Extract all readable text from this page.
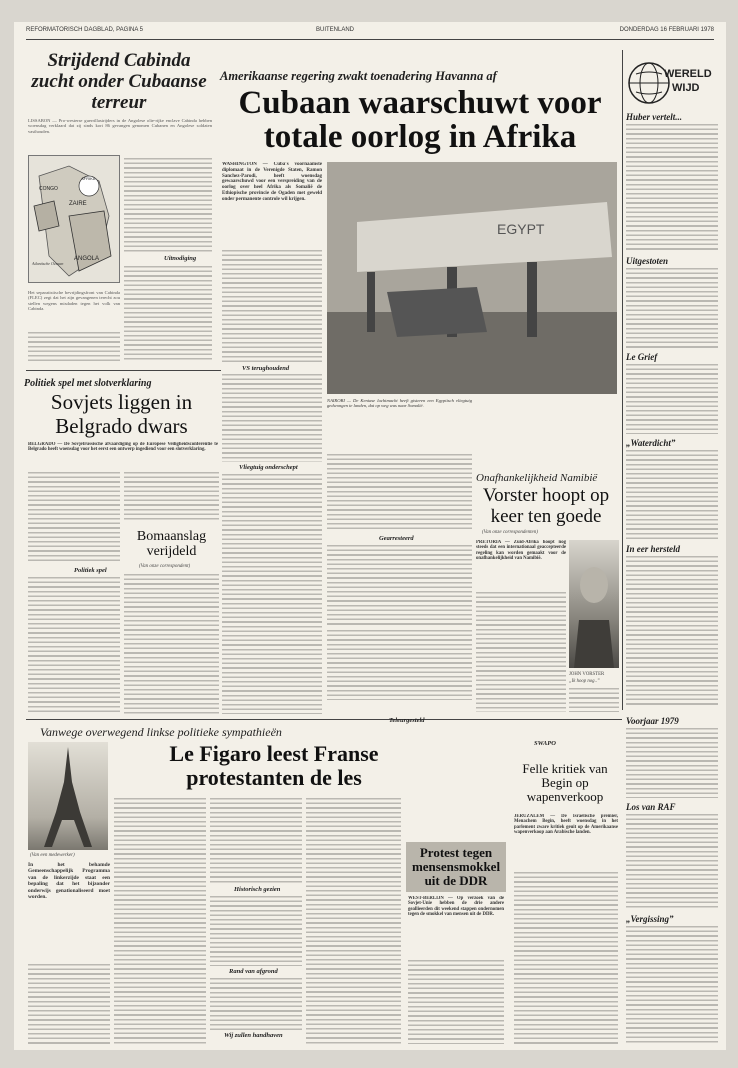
REFORMATORISCH DAGBLAD, PAGINA 5	BUITENLAND	DONDERDAG 16 FEBRUARI 1978
Strijdend Cabinda zucht onder Cubaanse terreur
LISSABON — Pro-westerse guerrillastrijders in de Angolese olie-rijke enclave Cabinda hebben woensdag verklaard dat zij sinds kort 86 gevangen genomen Cubanen en Angolese soldaten vasthouden.
ZAIRE
CONGO
ANGOLA
Atlantische Oceaan
AFRIKA
Uitnodiging
Het separatistische bevrijdingsfront van Cabinda (FLEC) zegt dat het zijn gevangenen terecht zou stellen wegens misdaden tegen het volk van Cabinda.
Amerikaanse regering zwakt toenadering Havanna af
Cubaan waarschuwt voor totale oorlog in Afrika
WASHINGTON — Cuba's voornaamste diplomaat in de Verenigde Staten, Ramon Sanchez-Parodi, heeft woensdag gewaarschuwd voor een verspreiding van de oorlog over heel Afrika als Somalië de Ethiopische provincie de Ogaden met geweld onder permanente controle wil krijgen.
VS terughoudend
Vliegtuig onderschept
EGYPT
NAIROBI — De Keniase luchtmacht heeft gisteren een Egyptisch vliegtuig gedwongen te landen, dat op weg was naar Somalië.
Gearresteerd
Politiek spel met slotverklaring
Sovjets liggen in Belgrado dwars
BELGRADO — De Sovjetrussische afvaardiging op de Europese Veiligheidsconferentie te Belgrado heeft woensdag voor het eerst een ontwerp ingediend voor een slotverklaring.
Politiek spel
Bomaanslag verijdeld
(Van onze correspondent)
Onafhankelijkheid Namibië
Vorster hoopt op keer ten goede
(Van onze correspondenten)
PRETORIA — Zuid-Afrika hoopt nog steeds dat een internationaal geaccepteerde regeling kan worden gemaakt voor de onafhankelijkheid van Namibië.
JOHN VORSTER
„Ik hoop nog..”
WERELD
WIJD
Huber vertelt...
Uitgestoten
Le Grief
„Waterdicht”
In eer hersteld
Vanwege overwegend linkse politieke sympathieën
Le Figaro leest Franse protestanten de les
(Van een medewerker)
In het behamde Gemeenschappelijk Programma van de linkerzijde staat een bepaling dat het bijzonder onderwijs genationaliseerd moet worden.
Historisch gezien
Rand van afgrond
Wij zullen handhaven
Protest tegen mensensmokkel uit de DDR
WEST-BERLIJN — Op verzoek van de Sovjet-Unie hebben de drie andere geallieerden dit weekend stappen ondernomen tegen de smokkel van mensen uit de DDR.
Felle kritiek van Begin op wapenverkoop
JERUZALEM — De Israëlische premier, Menachem Begin, heeft woensdag in het parlement zware kritiek geuit op de Amerikaanse wapenverkoop aan Arabische landen.
SWAPO
Teleurgesteld	Voorjaar 1979
Los van RAF
„Vergissing”
